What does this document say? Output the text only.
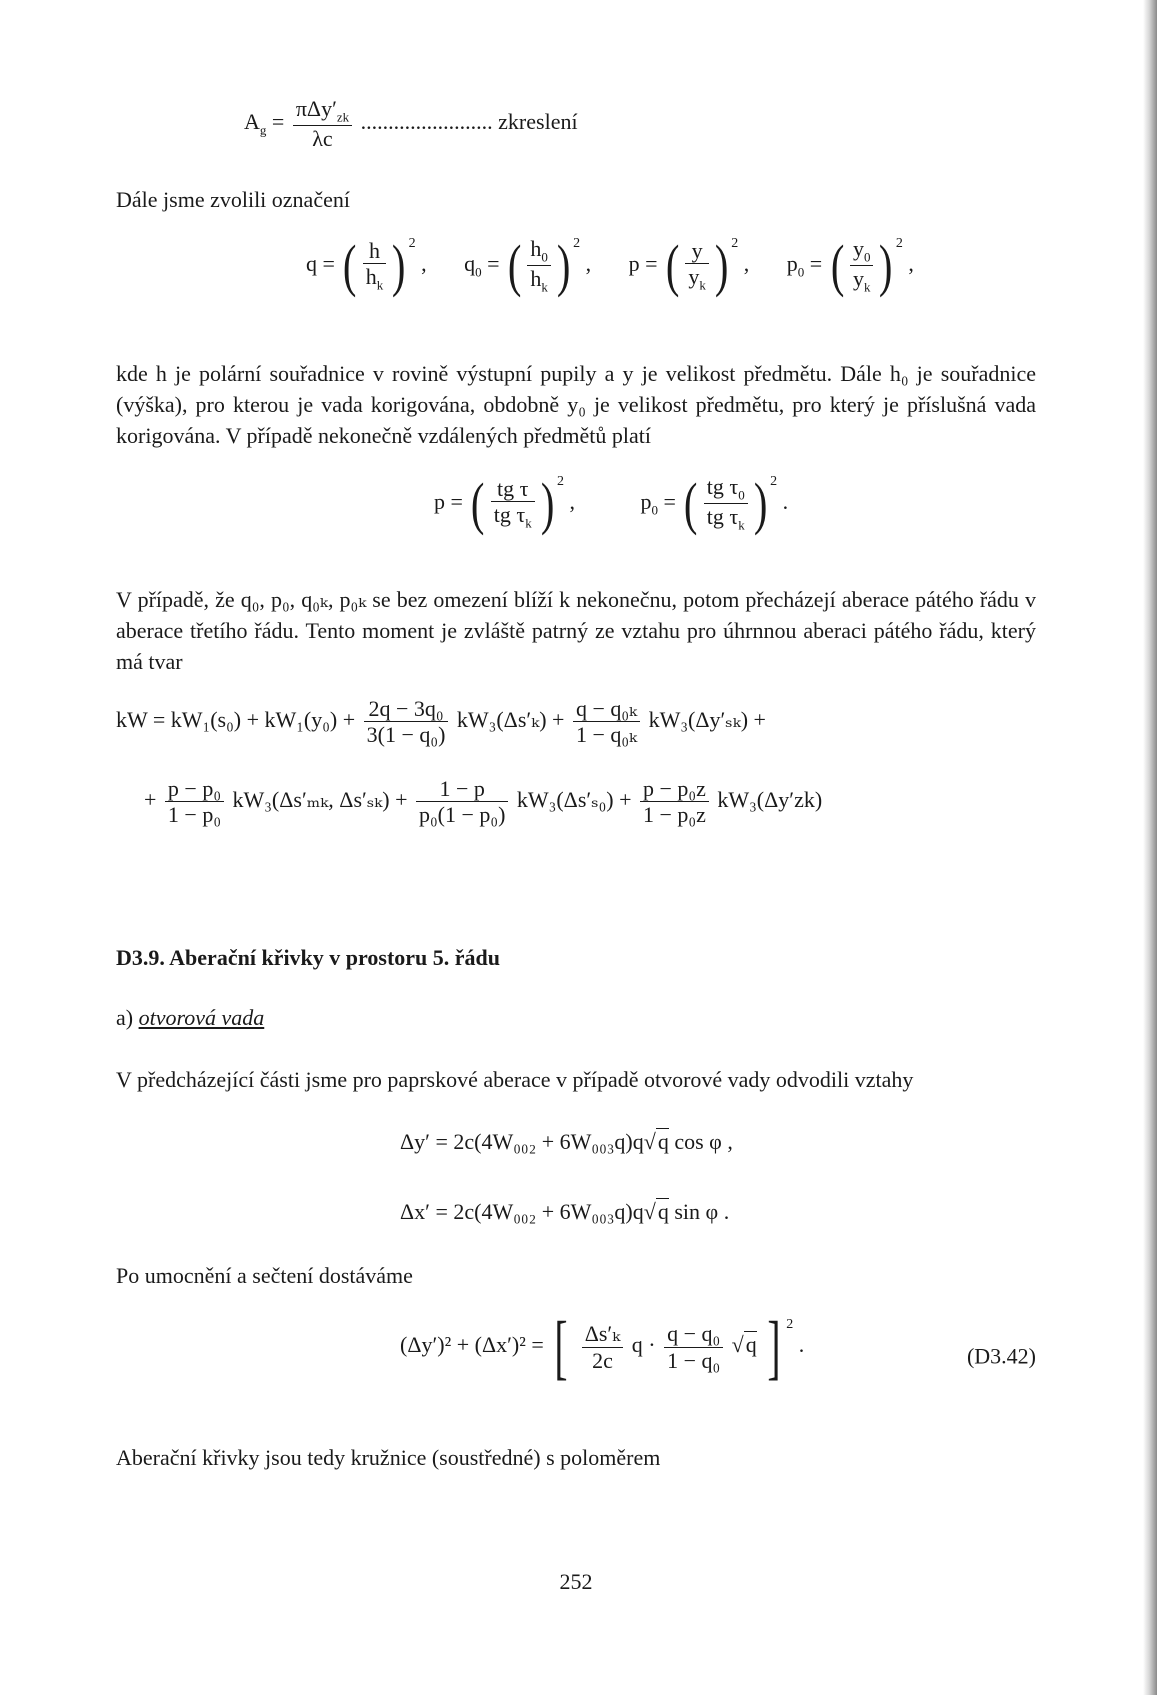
$A_g = \frac{\pi\Delta y'_{zk}}{\lambda c}$ ........................ zkreslení

Dále jsme zvolili označení

q = ( $\frac{h}{h_k}$ ) $^2$ , $q_0$ = ( $\frac{h_0}{h_k}$ ) $^2$ , p = ( $\frac{y}{y_k}$ ) $^2$ , $p_0$ = ( $\frac{y_0}{y_k}$ ) $^2$ ,

kde h je polární souřadnice v rovině výstupní pupily a y je velikost předmětu. Dále h₀ je souřadnice (výška), pro kterou je vada korigována, obdobně y₀ je velikost předmětu, pro který je příslušná vada korigována. V případě nekonečně vzdálených předmětů platí

p = ( $\frac{\text{tg τ}}{tg \tau_k}$ ) $^2$ ,	$p_0$ = ( $\frac{tg \tau_0}{tg \tau_k}$ ) $^2$ .

V případě, že q₀, p₀, q₀ₖ, p₀ₖ se bez omezení blíží k nekonečnu, potom přecházejí aberace pátého řádu v aberace třetího řádu. Tento moment je zvláště patrný ze vztahu pro úhrnnou aberaci pátého řádu, který má tvar

kW = $kW_1(s_0) + kW_1(y_0) + \frac{\text{2q − 3q₀}}{\text{3(1 − q₀)}} kW_3(\Delta s'_k) + \frac{\text{q − q₀ₖ}}{\text{1 − q₀ₖ}} kW_3(\Delta y'_{sk})$ +
+ $\frac{\text{p − p₀}}{\text{1 − p₀}} kW_3(\Delta s'_{mk}$, $\Delta s'_{sk}) + \frac{1 - p}{\text{p₀(1 − p₀)}} kW_3(\Delta s'_{s0}) + \frac{\text{p − p₀z}}{\text{1 − p₀z}} kW_3(\Delta y'zk)$
D3.9. Aberační křivky v prostoru 5. řádu
a) otvorová vada

V předcházející části jsme pro paprskové aberace v případě otvorové vady odvodili vztahy

Δy′ = 2c(4W₀₀₂ + 6W₀₀₃q)q√q cos φ ,
Δx′ = 2c(4W₀₀₂ + 6W₀₀₃q)q√q sin φ .

Po umocnění a sečtení dostáváme

(Δy′)² + (Δx′)² = [ $\frac{\text{Δs′ₖ}}{2c}$ $q \cdot \frac{\text{q − q₀}}{\text{1 − q₀}} √q$ ] $^2$ .	(D3.42)

Aberační křivky jsou tedy kružnice (soustředné) s poloměrem

252
